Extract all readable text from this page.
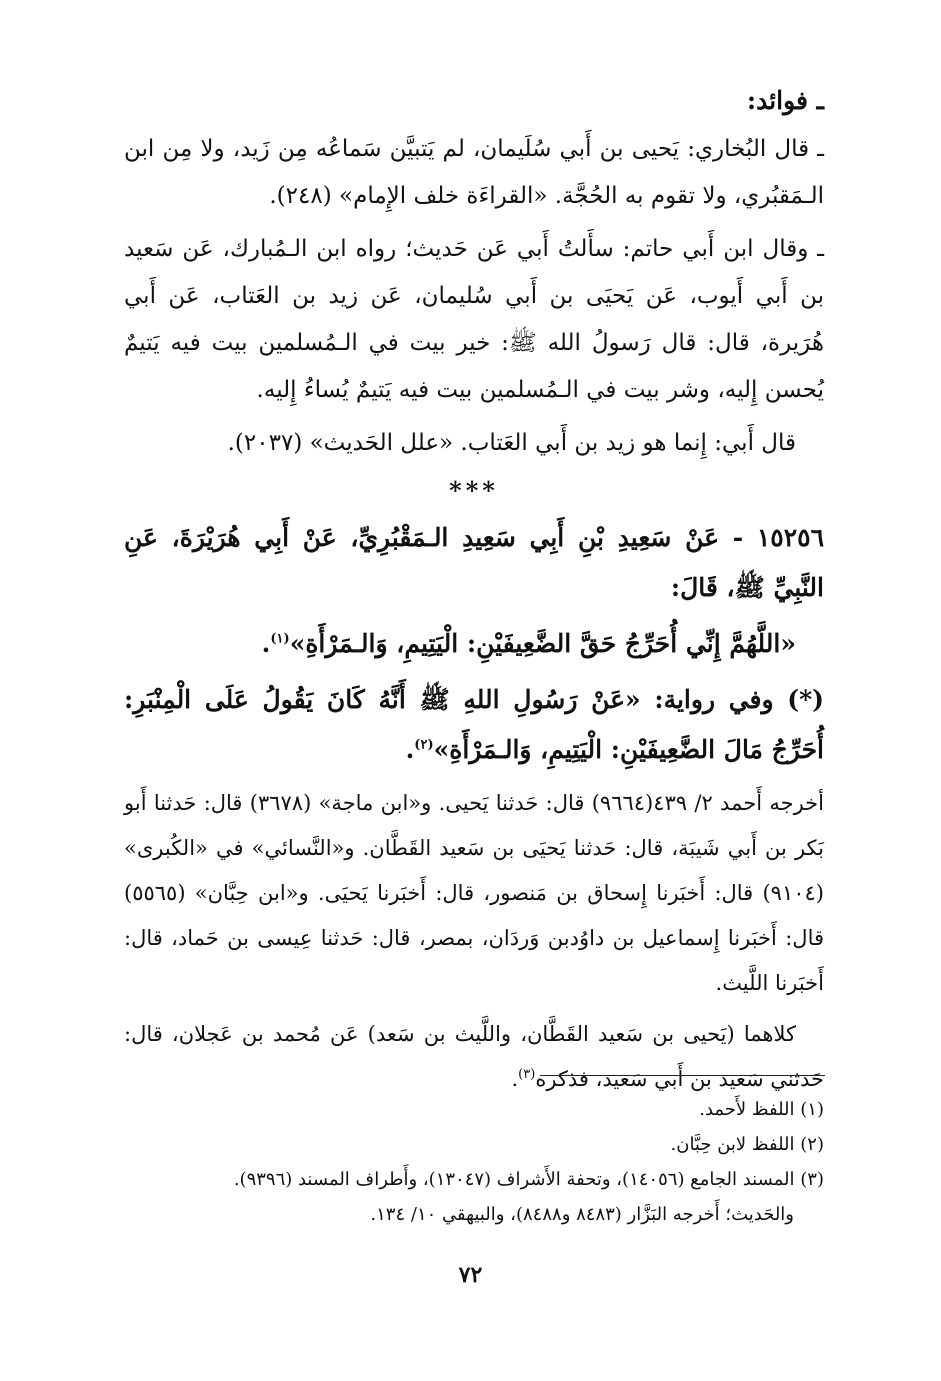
ـ فوائد:
ـ قال البُخاري: يَحيى بن أَبي سُلَيمان، لم يَتبيَّن سَماعُه مِن زَيد، ولا مِن ابن الـمَقبُري، ولا تقوم به الحُجَّة. «القراءَة خلف الإِمام» (٢٤٨).
ـ وقال ابن أَبي حاتم: سأَلتُ أَبي عَن حَديث؛ رواه ابن الـمُبارك، عَن سَعيد بن أَبي أَيوب، عَن يَحيَى بن أَبي سُليمان، عَن زيد بن العَتاب، عَن أَبي هُرَيرة، قال: قال رَسولُ الله ﷺ: خير بيت في الـمُسلمين بيت فيه يَتيمٌ يُحسن إِليه، وشر بيت في الـمُسلمين بيت فيه يَتيمٌ يُساءُ إِليه.
قال أَبي: إِنما هو زيد بن أَبي العَتاب. «علل الحَديث» (٢٠٣٧).
***
١٥٢٥٦ - عَنْ سَعِيدِ بْنِ أَبِي سَعِيدِ الـمَقْبُرِيِّ، عَنْ أَبِي هُرَيْرَةَ، عَنِ النَّبِيِّ ﷺ، قَالَ:
«اللَّهُمَّ إِنِّي أُحَرِّجُ حَقَّ الضَّعِيفَيْنِ: الْيَتِيمِ، وَالـمَرْأَةِ»$^{(١)}$.
(*) وفي رواية: «عَنْ رَسُولِ اللهِ ﷺ أَنَّهُ كَانَ يَقُولُ عَلَى الْمِنْبَرِ: أُحَرِّجُ مَالَ الضَّعِيفَيْنِ: الْيَتِيمِ، وَالـمَرْأَةِ»$^{(٢)}$.
أخرجه أَحمد ٢/ ٤٣٩(٩٦٦٤) قال: حَدثنا يَحيى. و«ابن ماجة» (٣٦٧٨) قال: حَدثنا أَبو بَكر بن أَبي شَيبَة، قال: حَدثنا يَحيَى بن سَعيد القَطَّان. و«النَّسائي» في «الكُبرى» (٩١٠٤) قال: أَخبَرنا إِسحاق بن مَنصور، قال: أَخبَرنا يَحيَى. و«ابن حِبَّان» (٥٥٦٥) قال: أَخبَرنا إِسماعيل بن داوُدبن وَردَان، بمصر، قال: حَدثنا عِيسى بن حَماد، قال: أَخبَرنا اللَّيث.
كلاهما (يَحيى بن سَعيد القَطَّان، واللَّيث بن سَعد) عَن مُحمد بن عَجلان، قال: حَدثني سَعيد بن أَبي سَعيد، فذكره$^{(٣)}$.

(١) اللفظ لأَحمد.

(٢) اللفظ لابن حِبَّان.

(٣) المسند الجامع (١٤٠٥٦)، وتحفة الأَشراف (١٣٠٤٧)، وأَطراف المسند (٩٣٩٦).

والحَديث؛ أَخرجه البَزَّار (٨٤٨٣ و٨٤٨٨)، والبيهقي ١٠/ ١٣٤.

٧٢
